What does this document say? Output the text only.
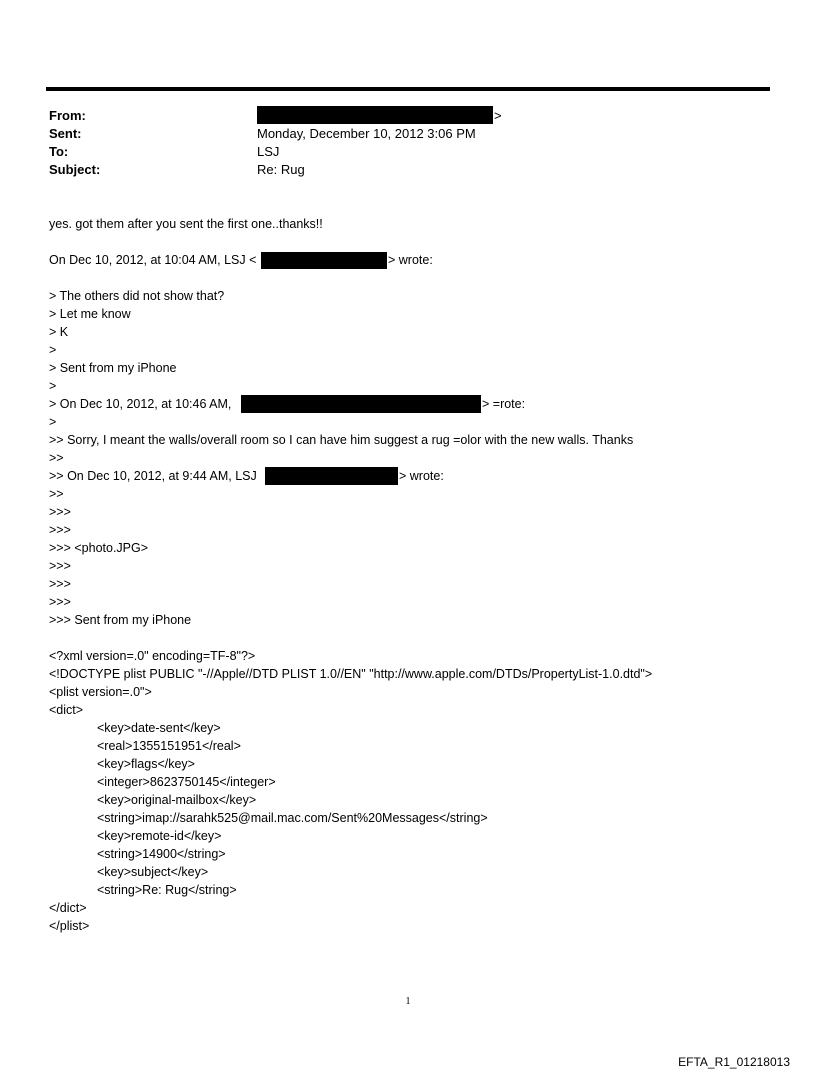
From:	>
Sent:	Monday, December 10, 2012 3:06 PM
To:	LSJ
Subject:	Re: Rug
yes. got them after you sent the first one..thanks!!
On Dec 10, 2012, at 10:04 AM, LSJ <	> wrote:
> The others did not show that?
> Let me know
> K
>
> Sent from my iPhone
>
> On Dec 10, 2012, at 10:46 AM,	> =rote:
>
>> Sorry, I meant the walls/overall room so I can have him suggest a rug =olor with the new walls. Thanks
>>
>> On Dec 10, 2012, at 9:44 AM, LSJ	> wrote:
>>
>>>
>>>
>>> <photo.JPG>
>>>
>>>
>>>
>>> Sent from my iPhone
<?xml version=.0" encoding=TF-8"?>
<!DOCTYPE plist PUBLIC "-//Apple//DTD PLIST 1.0//EN" "http://www.apple.com/DTDs/PropertyList-1.0.dtd">
<plist version=.0">
<dict>
<key>date-sent</key>
<real>1355151951</real>
<key>flags</key>
<integer>8623750145</integer>
<key>original-mailbox</key>
<string>imap://sarahk525@mail.mac.com/Sent%20Messages</string>
<key>remote-id</key>
<string>14900</string>
<key>subject</key>
<string>Re: Rug</string>
</dict>
</plist>
1
EFTA_R1_01218013
